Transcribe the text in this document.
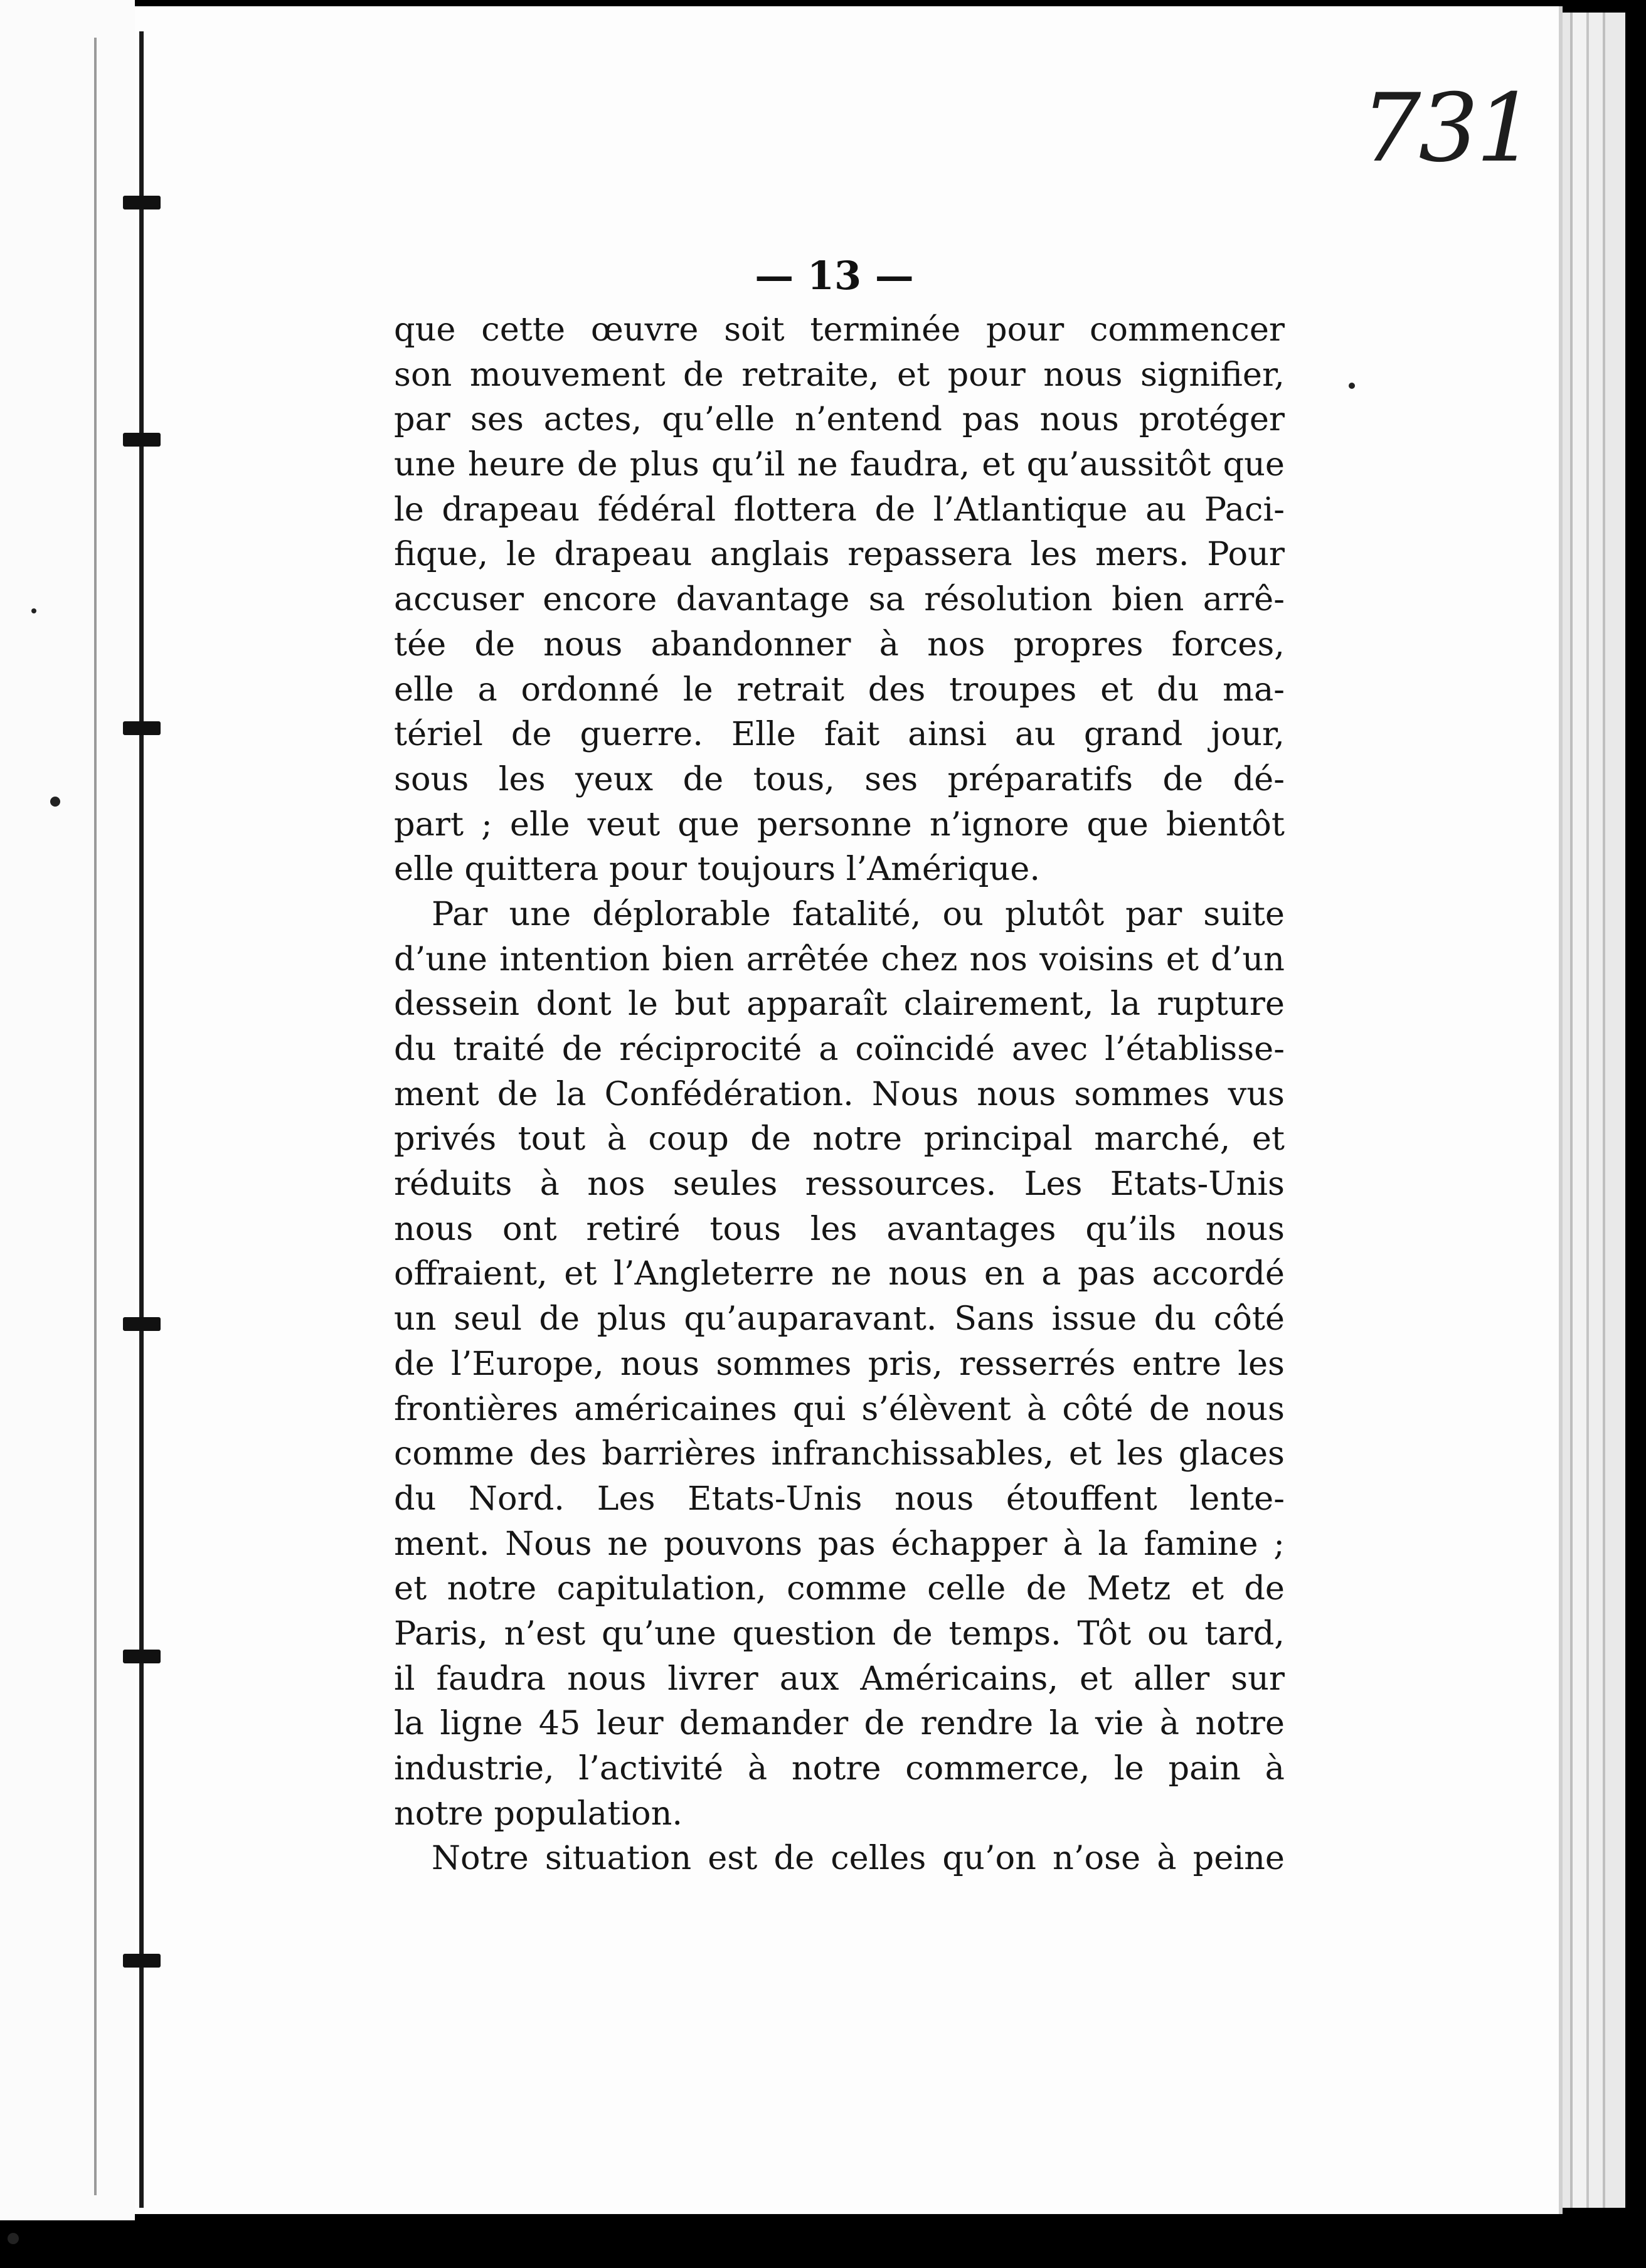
731
— 13 —
que cette œuvre soit terminée pour commencer
son mouvement de retraite, et pour nous signifier,
par ses actes, qu’elle n’entend pas nous protéger
une heure de plus qu’il ne faudra, et qu’aussitôt que
le drapeau fédéral flottera de l’Atlantique au Paci-
fique, le drapeau anglais repassera les mers. Pour
accuser encore davantage sa résolution bien arrê-
tée de nous abandonner à nos propres forces,
elle a ordonné le retrait des troupes et du ma-
tériel de guerre. Elle fait ainsi au grand jour,
sous les yeux de tous, ses préparatifs de dé-
part ; elle veut que personne n’ignore que bientôt
elle quittera pour toujours l’Amérique.
Par une déplorable fatalité, ou plutôt par suite
d’une intention bien arrêtée chez nos voisins et d’un
dessein dont le but apparaît clairement, la rupture
du traité de réciprocité a coïncidé avec l’établisse-
ment de la Confédération. Nous nous sommes vus
privés tout à coup de notre principal marché, et
réduits à nos seules ressources. Les Etats-Unis
nous ont retiré tous les avantages qu’ils nous
offraient, et l’Angleterre ne nous en a pas accordé
un seul de plus qu’auparavant. Sans issue du côté
de l’Europe, nous sommes pris, resserrés entre les
frontières américaines qui s’élèvent à côté de nous
comme des barrières infranchissables, et les glaces
du Nord. Les Etats-Unis nous étouffent lente-
ment. Nous ne pouvons pas échapper à la famine ;
et notre capitulation, comme celle de Metz et de
Paris, n’est qu’une question de temps. Tôt ou tard,
il faudra nous livrer aux Américains, et aller sur
la ligne 45 leur demander de rendre la vie à notre
industrie, l’activité à notre commerce, le pain à
notre population.
Notre situation est de celles qu’on n’ose à peine
